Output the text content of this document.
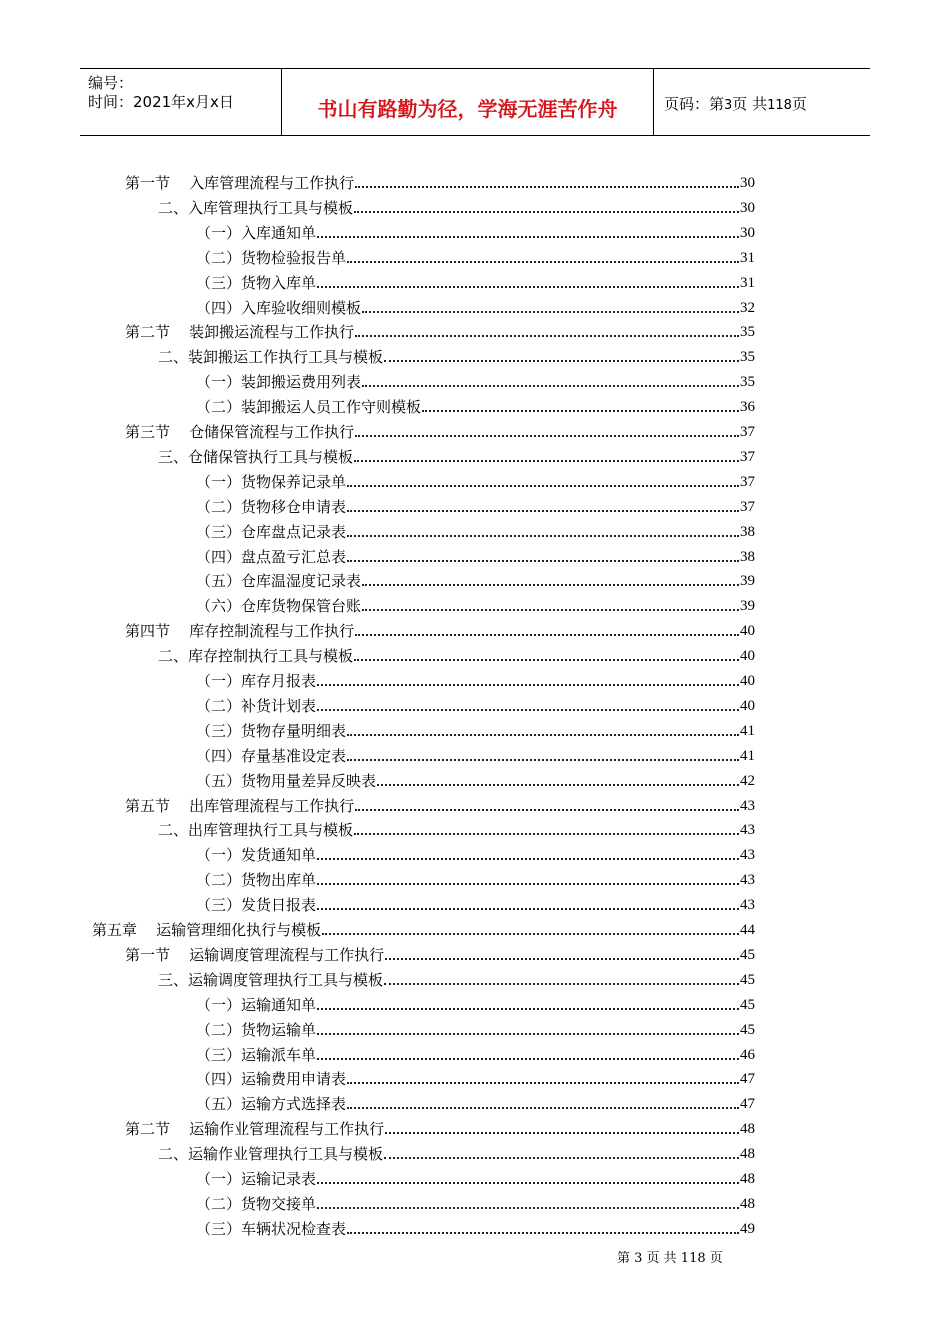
编号：
时间：2021年x月x日	书山有路勤为径，学海无涯苦作舟	页码：第3页 共118页
第一节    入库管理流程与工作执行	30
二、入库管理执行工具与模板	30
（一）入库通知单	30
（二）货物检验报告单	31
（三）货物入库单	31
（四）入库验收细则模板	32
第二节    装卸搬运流程与工作执行	35
二、装卸搬运工作执行工具与模板	35
（一）装卸搬运费用列表	35
（二）装卸搬运人员工作守则模板	36
第三节    仓储保管流程与工作执行	37
三、仓储保管执行工具与模板	37
（一）货物保养记录单	37
（二）货物移仓申请表	37
（三）仓库盘点记录表	38
（四）盘点盈亏汇总表	38
（五）仓库温湿度记录表	39
（六）仓库货物保管台账	39
第四节    库存控制流程与工作执行	40
二、库存控制执行工具与模板	40
（一）库存月报表	40
（二）补货计划表	40
（三）货物存量明细表	41
（四）存量基准设定表	41
（五）货物用量差异反映表	42
第五节    出库管理流程与工作执行	43
二、出库管理执行工具与模板	43
（一）发货通知单	43
（二）货物出库单	43
（三）发货日报表	43
第五章    运输管理细化执行与模板	44
第一节    运输调度管理流程与工作执行	45
三、运输调度管理执行工具与模板	45
（一）运输通知单	45
（二）货物运输单	45
（三）运输派车单	46
（四）运输费用申请表	47
（五）运输方式选择表	47
第二节    运输作业管理流程与工作执行	48
二、运输作业管理执行工具与模板	48
（一）运输记录表	48
（二）货物交接单	48
（三）车辆状况检查表	49
第 3 页 共 118 页
